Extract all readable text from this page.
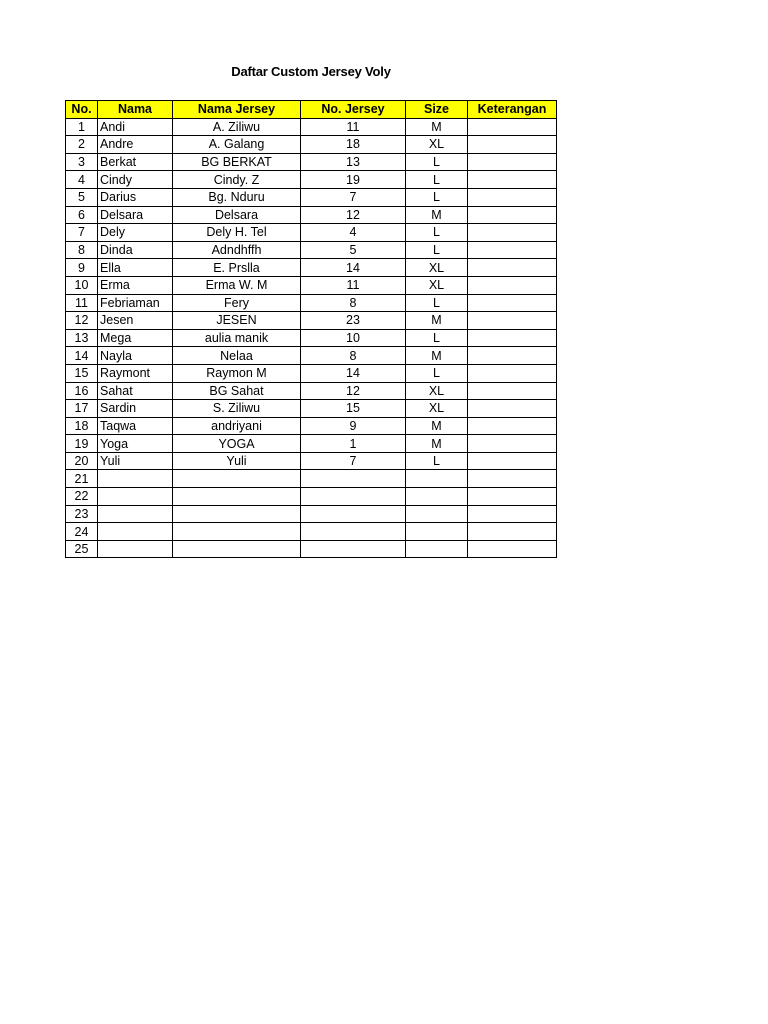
Daftar Custom Jersey Voly
No.	Nama	Nama Jersey	No. Jersey	Size	Keterangan
1	Andi	A. Ziliwu	11	M	
2	Andre	A. Galang	18	XL	
3	Berkat	BG BERKAT	13	L	
4	Cindy	Cindy. Z	19	L	
5	Darius	Bg. Nduru	7	L	
6	Delsara	Delsara	12	M	
7	Dely	Dely H. Tel	4	L	
8	Dinda	Adndhffh	5	L	
9	Ella	E. Prslla	14	XL	
10	Erma	Erma W. M	11	XL	
11	Febriaman	Fery	8	L	
12	Jesen	JESEN	23	M	
13	Mega	aulia manik	10	L	
14	Nayla	Nelaa	8	M	
15	Raymont	Raymon M	14	L	
16	Sahat	BG Sahat	12	XL	
17	Sardin	S. Ziliwu	15	XL	
18	Taqwa	andriyani	9	M	
19	Yoga	YOGA	1	M	
20	Yuli	Yuli	7	L	
21					
22					
23					
24					
25					
